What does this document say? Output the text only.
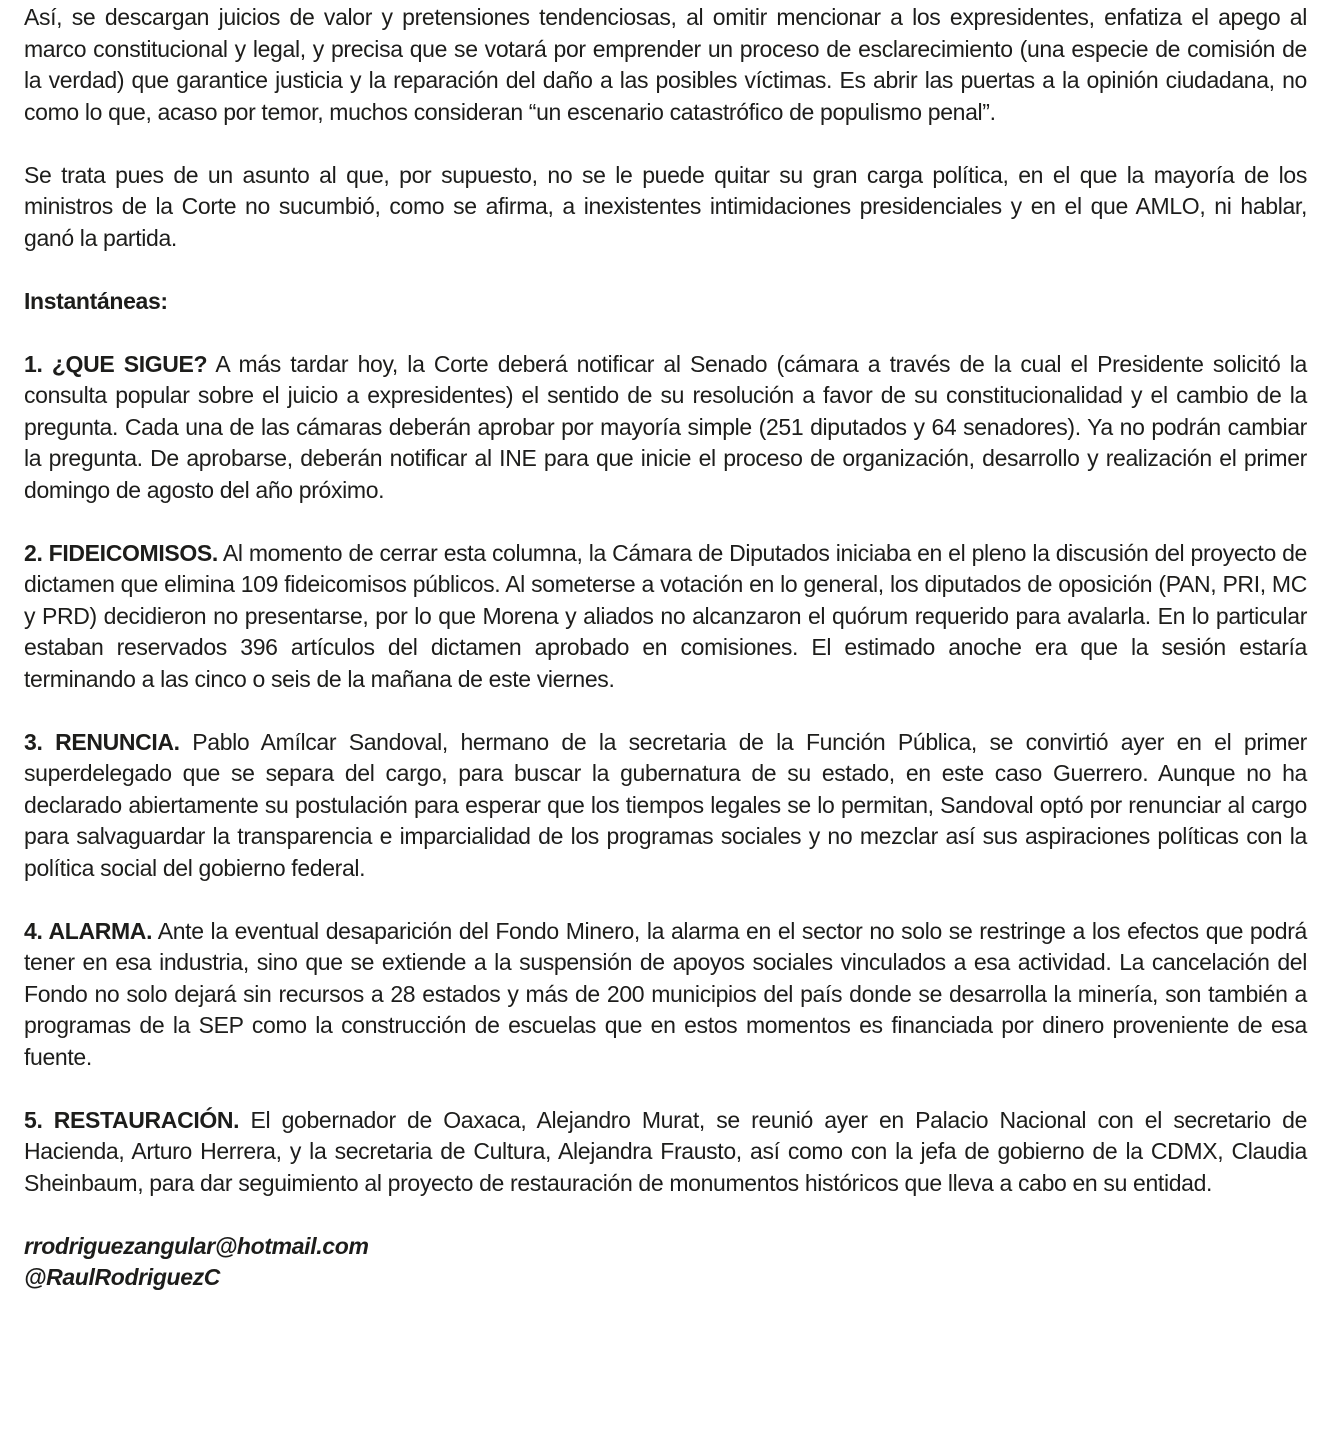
Así, se descargan juicios de valor y pretensiones tendenciosas, al omitir mencionar a los expresidentes, enfatiza el apego al marco constitucional y legal, y precisa que se votará por emprender un proceso de esclarecimiento (una especie de comisión de la verdad) que garantice justicia y la reparación del daño a las posibles víctimas. Es abrir las puertas a la opinión ciudadana, no como lo que, acaso por temor, muchos consideran “un escenario catastrófico de populismo penal”.

Se trata pues de un asunto al que, por supuesto, no se le puede quitar su gran carga política, en el que la mayoría de los ministros de la Corte no sucumbió, como se afirma, a inexistentes intimidaciones presidenciales y en el que AMLO, ni hablar, ganó la partida.

Instantáneas:

1. ¿QUE SIGUE? A más tardar hoy, la Corte deberá notificar al Senado (cámara a través de la cual el Presidente solicitó la consulta popular sobre el juicio a expresidentes) el sentido de su resolución a favor de su constitucionalidad y el cambio de la pregunta. Cada una de las cámaras deberán aprobar por mayoría simple (251 diputados y 64 senadores). Ya no podrán cambiar la pregunta. De aprobarse, deberán notificar al INE para que inicie el proceso de organización, desarrollo y realización el primer domingo de agosto del año próximo.

2. FIDEICOMISOS. Al momento de cerrar esta columna, la Cámara de Diputados iniciaba en el pleno la discusión del proyecto de dictamen que elimina 109 fideicomisos públicos. Al someterse a votación en lo general, los diputados de oposición (PAN, PRI, MC y PRD) decidieron no presentarse, por lo que Morena y aliados no alcanzaron el quórum requerido para avalarla. En lo particular estaban reservados 396 artículos del dictamen aprobado en comisiones. El estimado anoche era que la sesión estaría terminando a las cinco o seis de la mañana de este viernes.

3. RENUNCIA. Pablo Amílcar Sandoval, hermano de la secretaria de la Función Pública, se convirtió ayer en el primer superdelegado que se separa del cargo, para buscar la gubernatura de su estado, en este caso Guerrero. Aunque no ha declarado abiertamente su postulación para esperar que los tiempos legales se lo permitan, Sandoval optó por renunciar al cargo para salvaguardar la transparencia e imparcialidad de los programas sociales y no mezclar así sus aspiraciones políticas con la política social del gobierno federal.

4. ALARMA. Ante la eventual desaparición del Fondo Minero, la alarma en el sector no solo se restringe a los efectos que podrá tener en esa industria, sino que se extiende a la suspensión de apoyos sociales vinculados a esa actividad. La cancelación del Fondo no solo dejará sin recursos a 28 estados y más de 200 municipios del país donde se desarrolla la minería, son también a programas de la SEP como la construcción de escuelas que en estos momentos es financiada por dinero proveniente de esa fuente.

5. RESTAURACIÓN. El gobernador de Oaxaca, Alejandro Murat, se reunió ayer en Palacio Nacional con el secretario de Hacienda, Arturo Herrera, y la secretaria de Cultura, Alejandra Frausto, así como con la jefa de gobierno de la CDMX, Claudia Sheinbaum, para dar seguimiento al proyecto de restauración de monumentos históricos que lleva a cabo en su entidad.

rrodriguezangular@hotmail.com

@RaulRodriguezC
